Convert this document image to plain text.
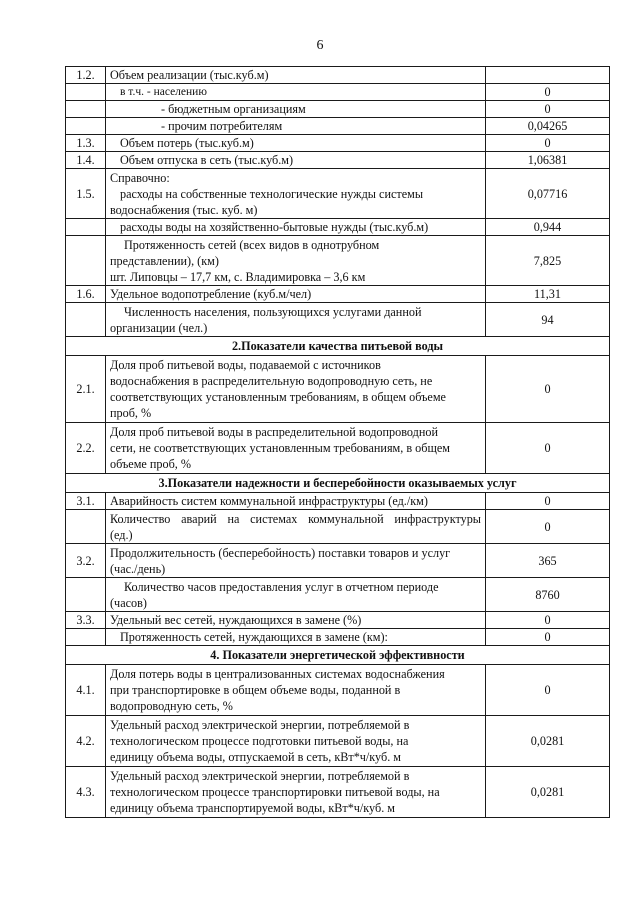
6
1.2.	Объем реализации (тыс.куб.м)	
	в т.ч. - населению	0
	- бюджетным организациям	0
	- прочим потребителям	0,04265
1.3.	Объем потерь (тыс.куб.м)	0
1.4.	Объем отпуска в сеть (тыс.куб.м)	1,06381
1.5.	Справочно:
расходы на собственные технологические нужды системы
водоснабжения (тыс. куб. м)	0,07716
	расходы воды на хозяйственно-бытовые нужды (тыс.куб.м)	0,944

	Протяженность сетей (всех видов в однотрубном
представлении), (км)
шт. Липовцы – 17,7 км, с. Владимировка – 3,6 км	7,825
1.6.	Удельное водопотребление (куб.м/чел)	11,31

	Численность населения, пользующихся услугами данной
организации (чел.)	94
2.Показатели качества питьевой воды		
2.1.	Доля проб питьевой воды, подаваемой с источников
водоснабжения в распределительную водопроводную сеть, не
соответствующих установленным требованиям, в общем объеме
проб, %	0
2.2.	Доля проб питьевой воды в распределительной водопроводной
сети, не соответствующих установленным требованиям, в общем
объеме проб, %	0
3.Показатели надежности и бесперебойности оказываемых услуг		
3.1.	Аварийность систем коммунальной инфраструктуры (ед./км)	0

	Количество аварий на системах коммунальной инфраструктуры
(ед.)	0
3.2.	Продолжительность (бесперебойность) поставки товаров и услуг
(час./день)	365

	Количество часов предоставления услуг в отчетном периоде
(часов)	8760
3.3.	Удельный вес сетей, нуждающихся в замене (%)	0
	Протяженность сетей, нуждающихся в замене (км):	0
4. Показатели энергетической эффективности		
4.1.	Доля потерь воды в централизованных системах водоснабжения
при транспортировке в общем объеме воды, поданной в
водопроводную сеть, %	0
4.2.	Удельный расход электрической энергии, потребляемой в
технологическом процессе подготовки питьевой воды, на
единицу объема воды, отпускаемой в сеть, кВт*ч/куб. м	0,0281
4.3.	Удельный расход электрической энергии, потребляемой в
технологическом процессе транспортировки питьевой воды, на
единицу объема транспортируемой воды, кВт*ч/куб. м	0,0281
